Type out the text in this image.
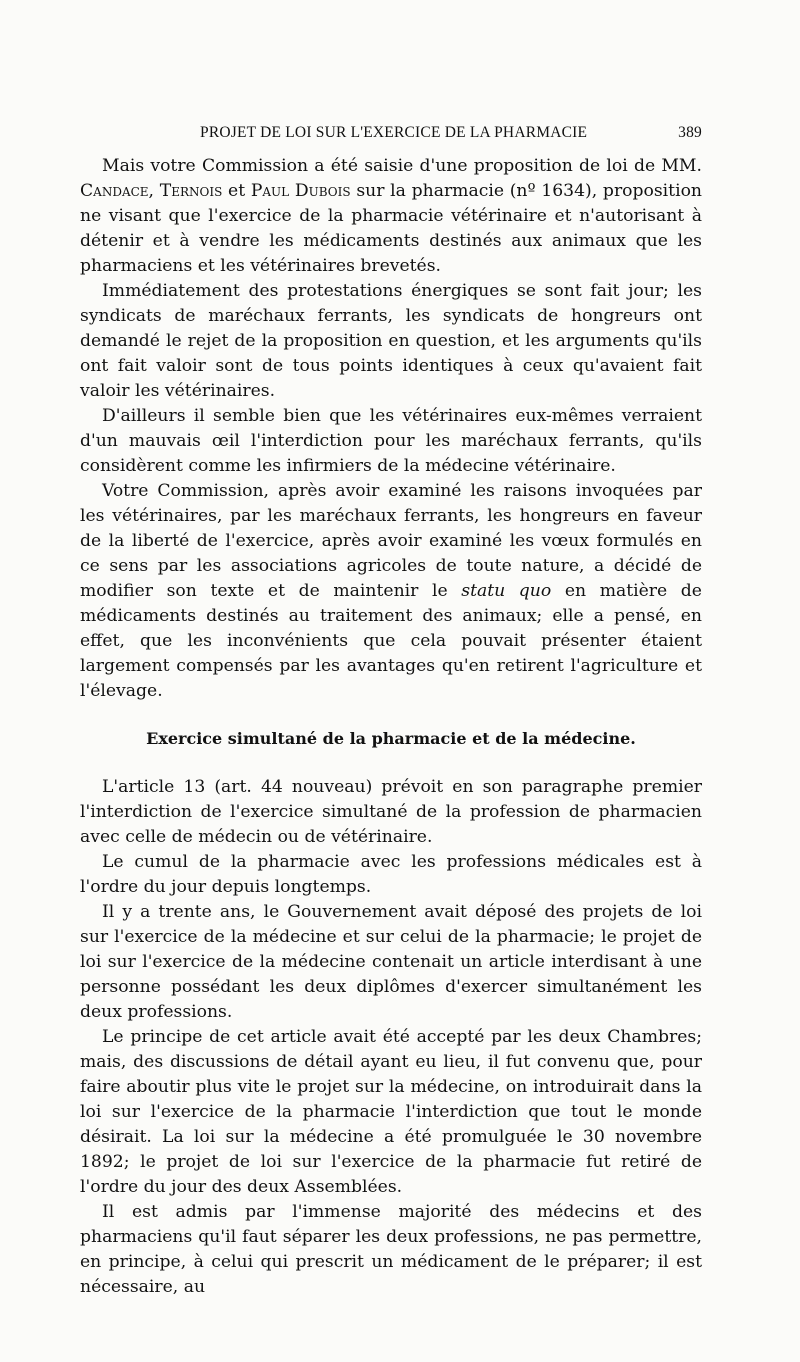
PROJET DE LOI SUR L'EXERCICE DE LA PHARMACIE	389

Mais votre Commission a été saisie d'une proposition de loi de MM. Candace, Ternois et Paul Dubois sur la pharmacie (nº 1634), proposition ne visant que l'exercice de la pharmacie vétérinaire et n'autorisant à détenir et à vendre les médicaments destinés aux animaux que les pharmaciens et les vétérinaires brevetés.

Immédiatement des protestations énergiques se sont fait jour; les syndicats de maréchaux ferrants, les syndicats de hongreurs ont demandé le rejet de la proposition en question, et les arguments qu'ils ont fait valoir sont de tous points identiques à ceux qu'avaient fait valoir les vétérinaires.

D'ailleurs il semble bien que les vétérinaires eux-mêmes verraient d'un mauvais œil l'interdiction pour les maréchaux ferrants, qu'ils considèrent comme les infirmiers de la médecine vétérinaire.

Votre Commission, après avoir examiné les raisons invoquées par les vétérinaires, par les maréchaux ferrants, les hongreurs en faveur de la liberté de l'exercice, après avoir examiné les vœux formulés en ce sens par les associations agricoles de toute nature, a décidé de modifier son texte et de maintenir le statu quo en matière de médicaments destinés au traitement des animaux; elle a pensé, en effet, que les inconvénients que cela pouvait présenter étaient largement compensés par les avantages qu'en retirent l'agriculture et l'élevage.

Exercice simultané de la pharmacie et de la médecine.

L'article 13 (art. 44 nouveau) prévoit en son paragraphe premier l'interdiction de l'exercice simultané de la profession de pharmacien avec celle de médecin ou de vétérinaire.

Le cumul de la pharmacie avec les professions médicales est à l'ordre du jour depuis longtemps.

Il y a trente ans, le Gouvernement avait déposé des projets de loi sur l'exercice de la médecine et sur celui de la pharmacie; le projet de loi sur l'exercice de la médecine contenait un article interdisant à une personne possédant les deux diplômes d'exercer simultanément les deux professions.

Le principe de cet article avait été accepté par les deux Chambres; mais, des discussions de détail ayant eu lieu, il fut convenu que, pour faire aboutir plus vite le projet sur la médecine, on introduirait dans la loi sur l'exercice de la pharmacie l'interdiction que tout le monde désirait. La loi sur la médecine a été promulguée le 30 novembre 1892; le projet de loi sur l'exercice de la pharmacie fut retiré de l'ordre du jour des deux Assemblées.

Il est admis par l'immense majorité des médecins et des pharmaciens qu'il faut séparer les deux professions, ne pas permettre, en principe, à celui qui prescrit un médicament de le préparer; il est nécessaire, au
